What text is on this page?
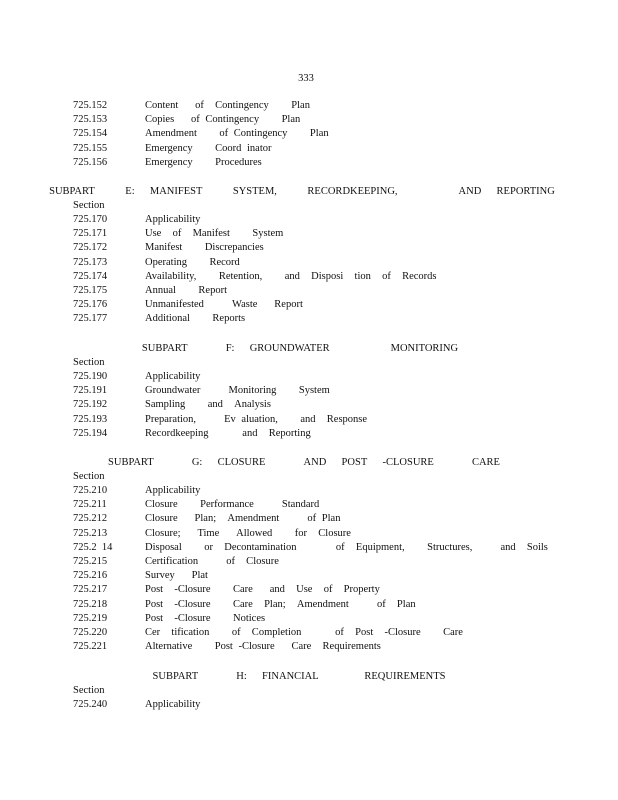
333
725.152	Content   of  Contingency    Plan
725.153	Copies   of Contingency    Plan
725.154	Amendment    of Contingency    Plan
725.155	Emergency    Coord inator
725.156	Emergency    Procedures
SUBPART    E:  MANIFEST    SYSTEM,    RECORDKEEPING,        AND  REPORTING
Section
725.170	Applicability
725.171	Use  of  Manifest    System
725.172	Manifest    Discrepancies
725.173	Operating    Record
725.174	Availability,    Retention,    and  Disposi  tion  of  Records
725.175	Annual    Report
725.176	Unmanifested     Waste   Report
725.177	Additional    Reports
SUBPART     F:  GROUNDWATER        MONITORING
Section
725.190	Applicability
725.191	Groundwater     Monitoring    System
725.192	Sampling    and  Analysis
725.193	Preparation,     Ev aluation,    and  Response
725.194	Recordkeeping      and  Reporting
SUBPART     G:  CLOSURE     AND  POST  -CLOSURE     CARE
Section
725.210	Applicability
725.211	Closure    Performance     Standard
725.212	Closure   Plan;  Amendment     of Plan
725.213	Closure;   Time   Allowed    for  Closure
725.2  14	Disposal    or  Decontamination       of  Equipment,    Structures,     and  Soils
725.215	Certification     of  Closure
725.216	Survey   Plat
725.217	Post  -Closure    Care   and  Use  of  Property
725.218	Post  -Closure    Care  Plan;  Amendment     of  Plan
725.219	Post  -Closure    Notices
725.220	Cer  tification    of  Completion      of  Post  -Closure    Care
725.221	Alternative    Post -Closure   Care  Requirements
SUBPART     H:  FINANCIAL      REQUIREMENTS
Section
725.240	Applicability
